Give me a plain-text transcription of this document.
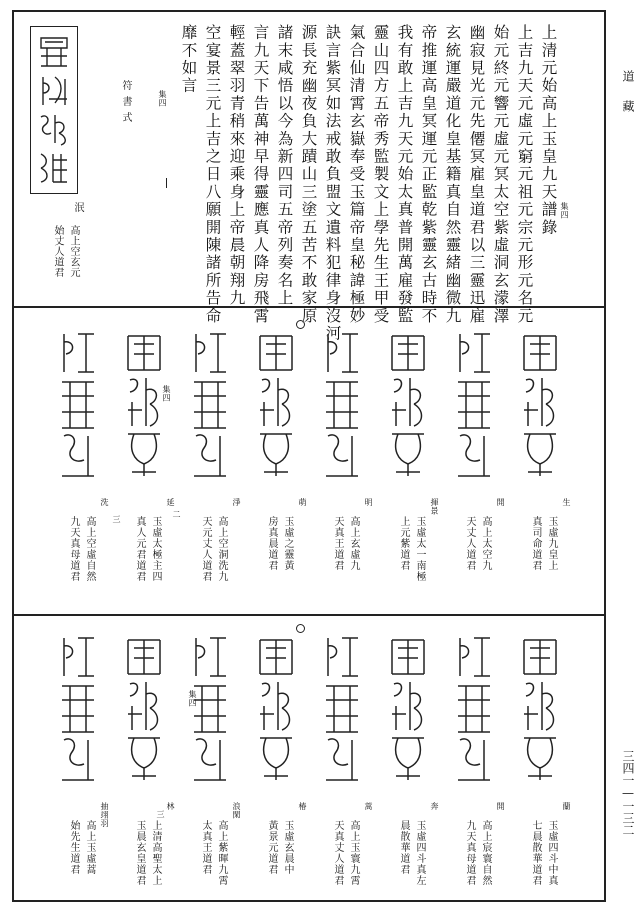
道藏
三四一—一三二
集四
上清元始高上玉皇九天譜錄
上吉九天元虛元窮元祖元宗元形元名元
始元終元響元虛元冥太空紫虛洞玄濛澤
幽寂見光元先僊冥雇皇道君以三靈迅雇
玄統運嚴道化皇基籍真自然靈緒幽微九
帝推運高皇冥運元正監乾紫靈玄古時不
我有敢上吉九天元始太真普開萬雇發監
靈山四方五帝秀監製文上學先生王甲受
氣合仙清霄玄嶽奉受玉篇帝皇秘諱極妙
訣言紫冥如法戒敢負盟文遺料犯律身沒河
源長充幽夜負大蹟山三塗五苦不敢家原
諸末咸悟以今為新四司五帝列奏名上
言九天下告萬神早得靈應真人降房飛霄
輕蓋翠羽青稍來迎乘身上帝晨朝翔九
空宴景三元上吉之日八願開陳諸所告命
靡不如言
符書式	集四
泯
高上空玄元
始丈人道君
集四
二
三
生
玉虛九皇上
真司命道君
開
高上太空九
天丈人道君
揮景
玉虛太一南極
上元紫道君
明
高上玄虛九
天真王道君
萌
玉虛之靈黃
房真晨道君
淨
高上空洞洗九
天元丈人道君
延
玉虛太極主四
真人元君道君
洗
高上空虛自然
九天真母道君
集四
三
蘭
玉虛四斗中真
七晨散華道君
開
高上宸寰自然
九天真母道君
奔
玉虛四斗真左
晨散華道君
蒿
高上玉寰九霄
天真丈人道君
椿
玉虛玄晨中
黃景元道君
浪閑
高上紫暉九霄
太真王道君
林
上清高聖太上
玉晨玄皇道君
抽翊羽
高上玉虛蒿
始先生道君
